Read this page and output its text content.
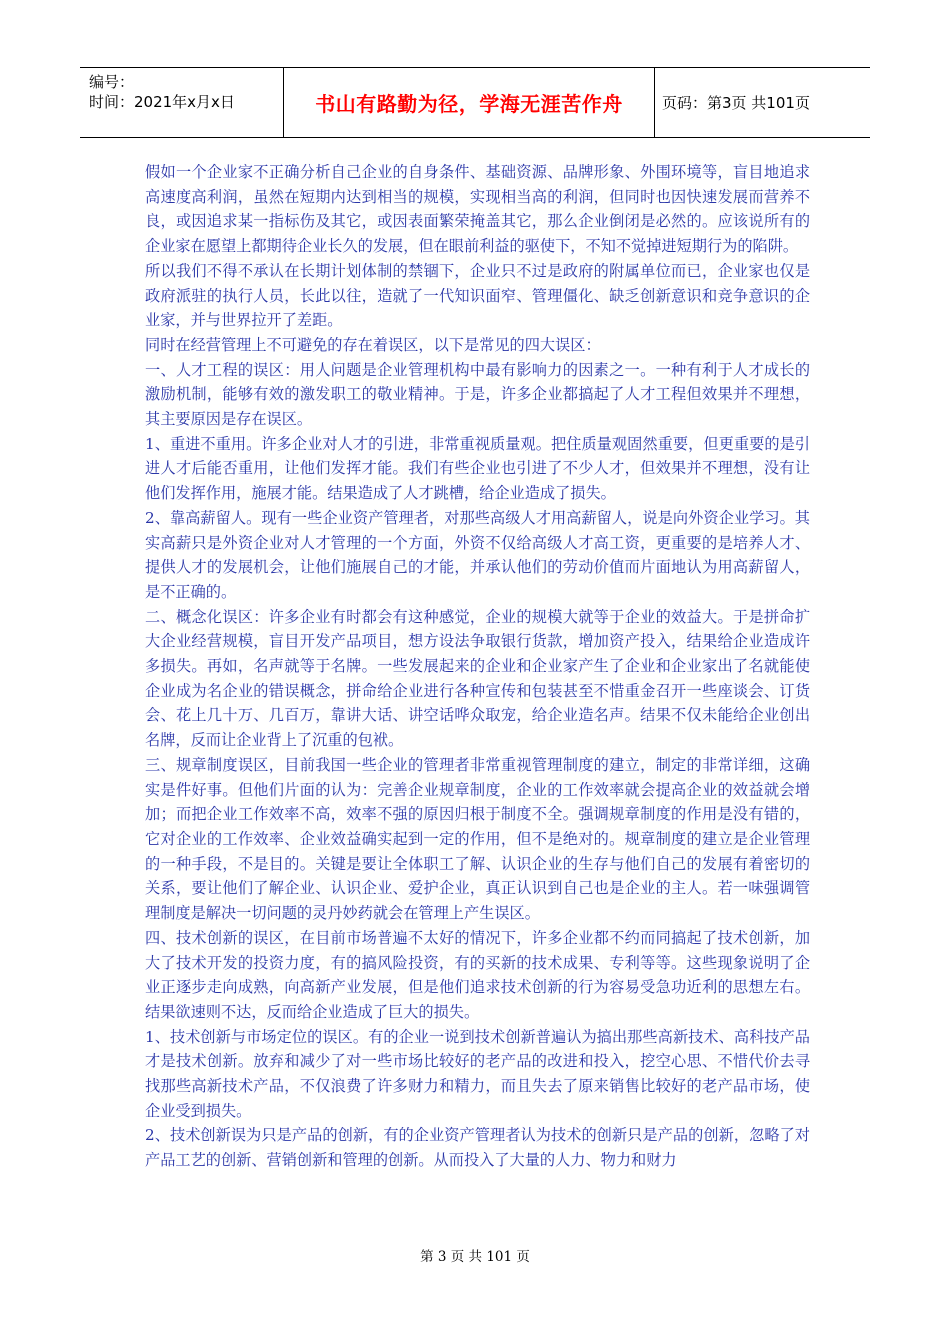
编号：
时间：2021年x月x日	书山有路勤为径，学海无涯苦作舟	页码：第3页 共101页

假如一个企业家不正确分析自己企业的自身条件、基础资源、品牌形象、外围环境等，盲目地追求高速度高利润，虽然在短期内达到相当的规模，实现相当高的利润，但同时也因快速发展而营养不良，或因追求某一指标伤及其它，或因表面繁荣掩盖其它，那么企业倒闭是必然的。应该说所有的企业家在愿望上都期待企业长久的发展，但在眼前利益的驱使下，不知不觉掉进短期行为的陷阱。

所以我们不得不承认在长期计划体制的禁锢下，企业只不过是政府的附属单位而已，企业家也仅是政府派驻的执行人员，长此以往，造就了一代知识面窄、管理僵化、缺乏创新意识和竞争意识的企业家，并与世界拉开了差距。

同时在经营管理上不可避免的存在着误区，以下是常见的四大误区：

一、人才工程的误区：用人问题是企业管理机构中最有影响力的因素之一。一种有利于人才成长的激励机制，能够有效的激发职工的敬业精神。于是，许多企业都搞起了人才工程但效果并不理想，其主要原因是存在误区。

1、重进不重用。许多企业对人才的引进，非常重视质量观。把住质量观固然重要，但更重要的是引进人才后能否重用，让他们发挥才能。我们有些企业也引进了不少人才，但效果并不理想，没有让他们发挥作用，施展才能。结果造成了人才跳槽，给企业造成了损失。

2、靠高薪留人。现有一些企业资产管理者，对那些高级人才用高薪留人，说是向外资企业学习。其实高薪只是外资企业对人才管理的一个方面，外资不仅给高级人才高工资，更重要的是培养人才、提供人才的发展机会，让他们施展自己的才能，并承认他们的劳动价值而片面地认为用高薪留人，是不正确的。

二、概念化误区：许多企业有时都会有这种感觉，企业的规模大就等于企业的效益大。于是拼命扩大企业经营规模，盲目开发产品项目，想方设法争取银行货款，增加资产投入，结果给企业造成许多损失。再如，名声就等于名牌。一些发展起来的企业和企业家产生了企业和企业家出了名就能使企业成为名企业的错误概念，拼命给企业进行各种宣传和包装甚至不惜重金召开一些座谈会、订货会、花上几十万、几百万，靠讲大话、讲空话哗众取宠，给企业造名声。结果不仅未能给企业创出名牌，反而让企业背上了沉重的包袱。

三、规章制度误区，目前我国一些企业的管理者非常重视管理制度的建立，制定的非常详细，这确实是件好事。但他们片面的认为：完善企业规章制度，企业的工作效率就会提高企业的效益就会增加；而把企业工作效率不高，效率不强的原因归根于制度不全。强调规章制度的作用是没有错的，它对企业的工作效率、企业效益确实起到一定的作用，但不是绝对的。规章制度的建立是企业管理的一种手段，不是目的。关键是要让全体职工了解、认识企业的生存与他们自己的发展有着密切的关系，要让他们了解企业、认识企业、爱护企业，真正认识到自己也是企业的主人。若一味强调管理制度是解决一切问题的灵丹妙药就会在管理上产生误区。

四、技术创新的误区，在目前市场普遍不太好的情况下，许多企业都不约而同搞起了技术创新，加大了技术开发的投资力度，有的搞风险投资，有的买新的技术成果、专利等等。这些现象说明了企业正逐步走向成熟，向高新产业发展，但是他们追求技术创新的行为容易受急功近利的思想左右。结果欲速则不达，反而给企业造成了巨大的损失。

1、技术创新与市场定位的误区。有的企业一说到技术创新普遍认为搞出那些高新技术、高科技产品才是技术创新。放弃和减少了对一些市场比较好的老产品的改进和投入，挖空心思、不惜代价去寻找那些高新技术产品，不仅浪费了许多财力和精力，而且失去了原来销售比较好的老产品市场，使企业受到损失。

2、技术创新误为只是产品的创新，有的企业资产管理者认为技术的创新只是产品的创新，忽略了对产品工艺的创新、营销创新和管理的创新。从而投入了大量的人力、物力和财力

第 3 页 共 101 页
